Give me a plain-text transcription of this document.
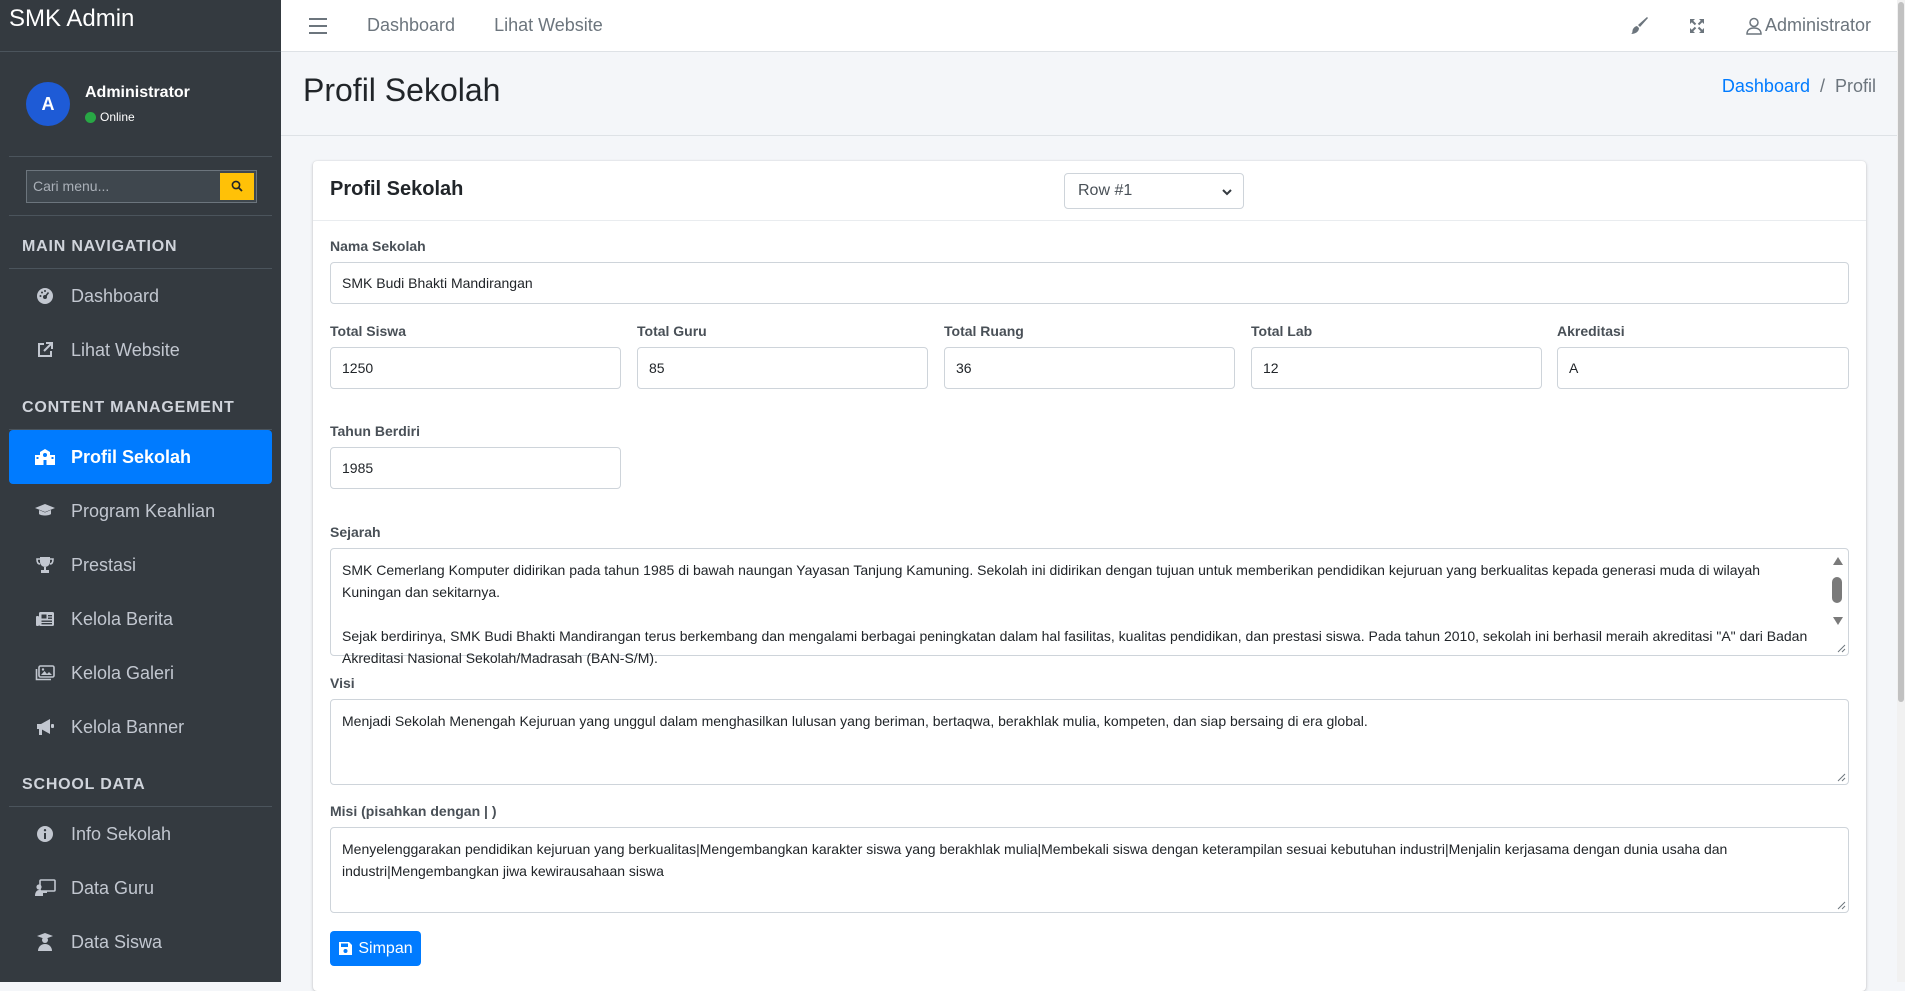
SMK Admin
A
Administrator
Online
Cari menu...
MAIN NAVIGATION
Dashboard
Lihat Website
CONTENT MANAGEMENT
Profil Sekolah
Program Keahlian
Prestasi
Kelola Berita
Kelola Galeri
Kelola Banner
SCHOOL DATA
Info Sekolah
Data Guru
Data Siswa
Dashboard Lihat Website	Administrator
Profil Sekolah	Dashboard / Profil
Profil Sekolah	Row #1
Nama Sekolah
SMK Budi Bhakti Mandirangan
Total Siswa
1250
Total Guru
85
Total Ruang
36
Total Lab
12
Akreditasi
A
Tahun Berdiri
1985
Sejarah

SMK Cemerlang Komputer didirikan pada tahun 1985 di bawah naungan Yayasan Tanjung Kamuning. Sekolah ini didirikan dengan tujuan untuk memberikan pendidikan kejuruan yang berkualitas kepada generasi muda di wilayah Kuningan dan sekitarnya.

Sejak berdirinya, SMK Budi Bhakti Mandirangan terus berkembang dan mengalami berbagai peningkatan dalam hal fasilitas, kualitas pendidikan, dan prestasi siswa. Pada tahun 2010, sekolah ini berhasil meraih akreditasi "A" dari Badan Akreditasi Nasional Sekolah/Madrasah (BAN-S/M).

Visi

Menjadi Sekolah Menengah Kejuruan yang unggul dalam menghasilkan lulusan yang beriman, bertaqwa, berakhlak mulia, kompeten, dan siap bersaing di era global.

Misi (pisahkan dengan | )

Menyelenggarakan pendidikan kejuruan yang berkualitas|Mengembangkan karakter siswa yang berakhlak mulia|Membekali siswa dengan keterampilan sesuai kebutuhan industri|Menjalin kerjasama dengan dunia usaha dan industri|Mengembangkan jiwa kewirausahaan siswa

Simpan
